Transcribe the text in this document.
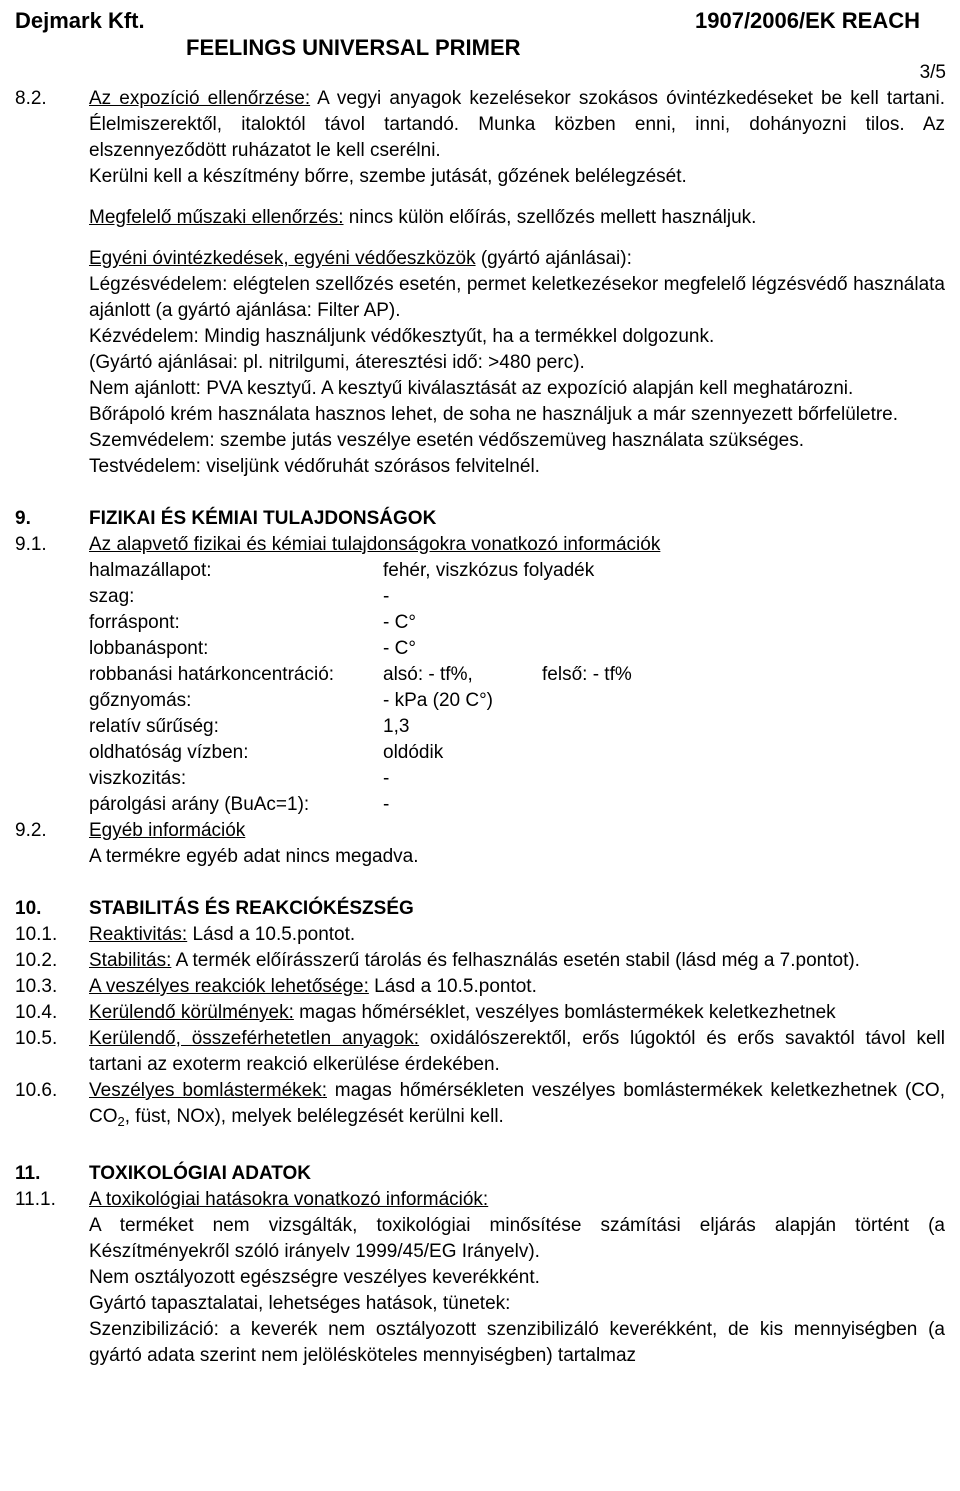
Dejmark Kft.	1907/2006/EK REACH
FEELINGS UNIVERSAL PRIMER
3/5
8.2.	Az expozíció ellenőrzése: A vegyi anyagok kezelésekor szokásos óvintézkedéseket be kell tartani. Élelmiszerektől, italoktól távol tartandó. Munka közben enni, inni, dohányozni tilos. Az elszennyeződött ruházatot le kell cserélni.
Kerülni kell a készítmény bőrre, szembe jutását, gőzének belélegzését.
Megfelelő műszaki ellenőrzés: nincs külön előírás, szellőzés mellett használjuk.
Egyéni óvintézkedések, egyéni védőeszközök (gyártó ajánlásai):
Légzésvédelem: elégtelen szellőzés esetén, permet keletkezésekor megfelelő légzésvédő használata ajánlott (a gyártó ajánlása: Filter AP).
Kézvédelem: Mindig használjunk védőkesztyűt, ha a termékkel dolgozunk.
(Gyártó ajánlásai: pl. nitrilgumi, áteresztési idő: >480 perc).
Nem ajánlott: PVA kesztyű. A kesztyű kiválasztását az expozíció alapján kell meghatározni.
Bőrápoló krém használata hasznos lehet, de soha ne használjuk a már szennyezett bőrfelületre.
Szemvédelem: szembe jutás veszélye esetén védőszemüveg használata szükséges.
Testvédelem: viseljünk védőruhát szórásos felvitelnél.
9.	FIZIKAI ÉS KÉMIAI TULAJDONSÁGOK
9.1.	Az alapvető fizikai és kémiai tulajdonságokra vonatkozó információk
halmazállapot:	fehér, viszkózus folyadék
szag:	-
forráspont:	- C°
lobbanáspont:	- C°
robbanási határkoncentráció:	alsó: - tf%,	felső: - tf%
gőznyomás:	- kPa (20 C°)
relatív sűrűség:	1,3
oldhatóság vízben:	oldódik
viszkozitás:	-
párolgási arány (BuAc=1):	-
9.2.	Egyéb információk
A termékre egyéb adat nincs megadva.
10.	STABILITÁS ÉS REAKCIÓKÉSZSÉG
10.1.	Reaktivitás: Lásd a 10.5.pontot.
10.2.	Stabilitás: A termék előírásszerű tárolás és felhasználás esetén stabil (lásd még a 7.pontot).
10.3.	A veszélyes reakciók lehetősége: Lásd a 10.5.pontot.
10.4.	Kerülendő körülmények: magas hőmérséklet, veszélyes bomlástermékek keletkezhetnek
10.5.	Kerülendő, összeférhetetlen anyagok: oxidálószerektől, erős lúgoktól és erős savaktól távol kell tartani az exoterm reakció elkerülése érdekében.
10.6.	Veszélyes bomlástermékek: magas hőmérsékleten veszélyes bomlástermékek keletkezhetnek (CO, $CO_2$, füst, NOx), melyek belélegzését kerülni kell.
11.	TOXIKOLÓGIAI ADATOK
11.1.	A toxikológiai hatásokra vonatkozó információk:
A terméket nem vizsgálták, toxikológiai minősítése számítási eljárás alapján történt (a Készítményekről szóló irányelv 1999/45/EG Irányelv).
Nem osztályozott egészségre veszélyes keverékként.
Gyártó tapasztalatai, lehetséges hatások, tünetek:
Szenzibilizáció: a keverék nem osztályozott szenzibilizáló keverékként, de kis mennyiségben (a gyártó adata szerint nem jelölésköteles mennyiségben) tartalmaz
